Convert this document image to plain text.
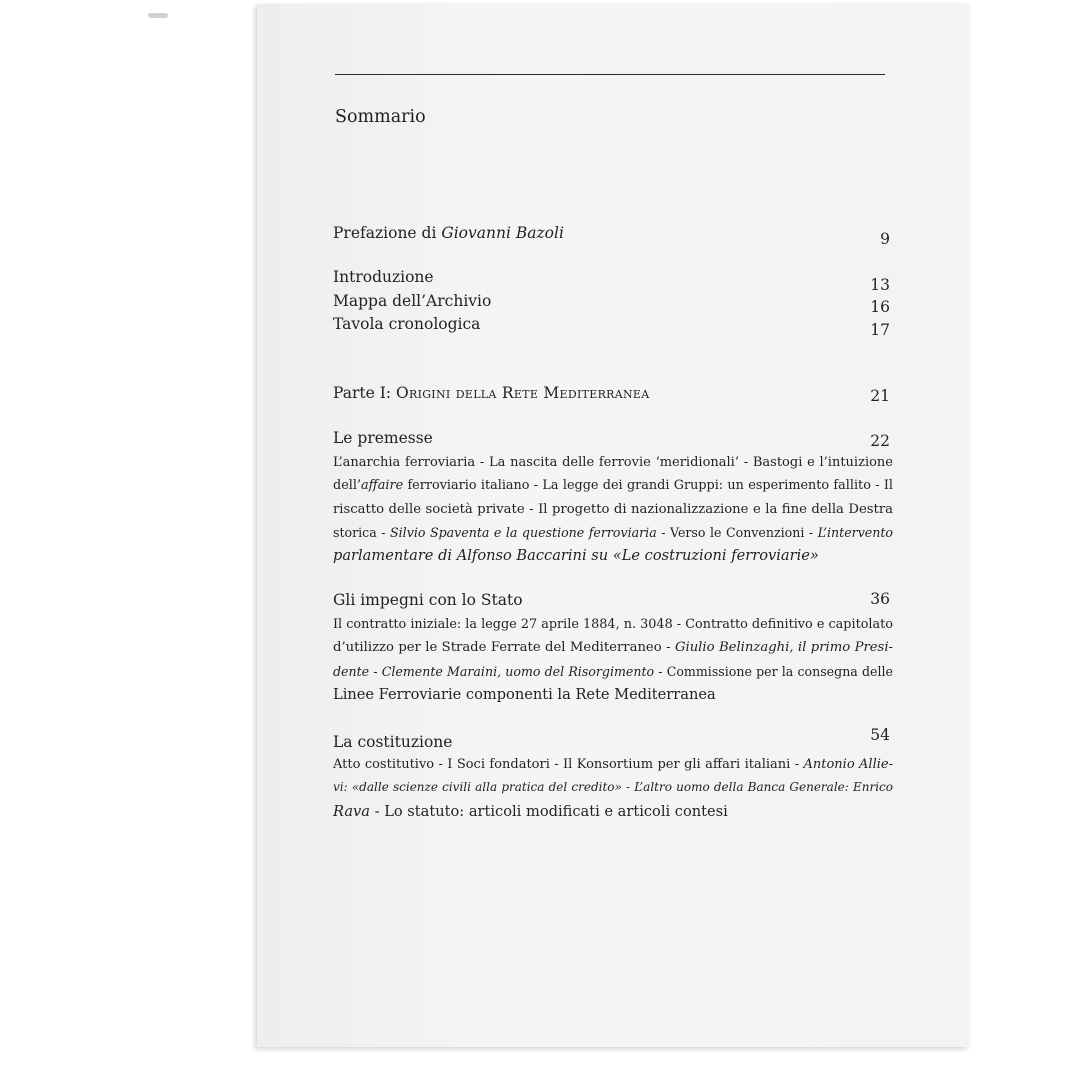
Sommario
Prefazione di Giovanni Bazoli	9
Introduzione	13
Mappa dell’Archivio	16
Tavola cronologica	17
Parte I: Origini della Rete Mediterranea	21
Le premesse	22
L’anarchia ferroviaria - La nascita delle ferrovie ‘meridionali’ - Bastogi e l’intuizione
dell’affaire ferroviario italiano - La legge dei grandi Gruppi: un esperimento fallito - Il
riscatto delle società private - Il progetto di nazionalizzazione e la fine della Destra
storica - Silvio Spaventa e la questione ferroviaria - Verso le Convenzioni - L’intervento
parlamentare di Alfonso Baccarini su «Le costruzioni ferroviarie»
Gli impegni con lo Stato	36
Il contratto iniziale: la legge 27 aprile 1884, n. 3048 - Contratto definitivo e capitolato
d’utilizzo per le Strade Ferrate del Mediterraneo - Giulio Belinzaghi, il primo Presi-
dente - Clemente Maraini, uomo del Risorgimento - Commissione per la consegna delle
Linee Ferroviarie componenti la Rete Mediterranea
La costituzione	54
Atto costitutivo - I Soci fondatori - Il Konsortium per gli affari italiani - Antonio Allie-
vi: «dalle scienze civili alla pratica del credito» - L’altro uomo della Banca Generale: Enrico
Rava - Lo statuto: articoli modificati e articoli contesi
